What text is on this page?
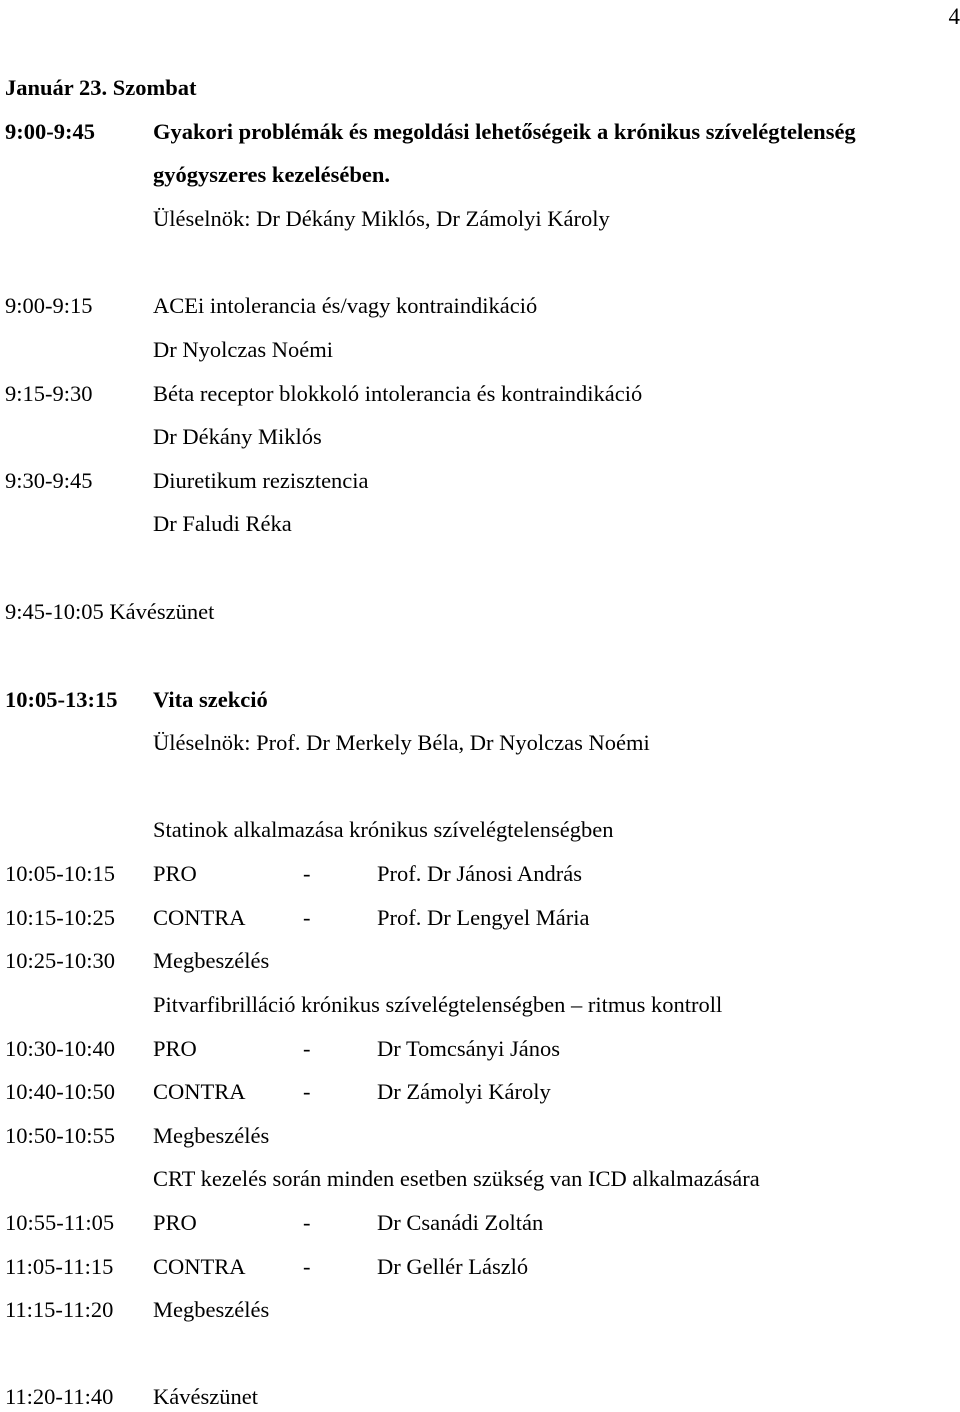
4
Január 23. Szombat
9:00-9:45	Gyakori problémák és megoldási lehetőségeik a krónikus szívelégtelenség
gyógyszeres kezelésében.
Üléselnök: Dr Dékány Miklós, Dr Zámolyi Károly
9:00-9:15	ACEi intolerancia és/vagy kontraindikáció
Dr Nyolczas Noémi
9:15-9:30	Béta receptor blokkoló intolerancia és kontraindikáció
Dr Dékány Miklós
9:30-9:45	Diuretikum rezisztencia
Dr Faludi Réka
9:45-10:05 Kávészünet
10:05-13:15 Vita szekció
Üléselnök: Prof. Dr Merkely Béla, Dr Nyolczas Noémi
Statinok alkalmazása krónikus szívelégtelenségben
10:05-10:15 PRO	-	Prof. Dr Jánosi András
10:15-10:25 CONTRA	-	Prof. Dr Lengyel Mária
10:25-10:30 Megbeszélés
Pitvarfibrilláció krónikus szívelégtelenségben – ritmus kontroll
10:30-10:40 PRO	-	Dr Tomcsányi János
10:40-10:50 CONTRA	-	Dr Zámolyi Károly
10:50-10:55 Megbeszélés
CRT kezelés során minden esetben szükség van ICD alkalmazására
10:55-11:05 PRO	-	Dr Csanádi Zoltán
11:05-11:15 CONTRA	-	Dr Gellér László
11:15-11:20 Megbeszélés
11:20-11:40 Kávészünet
